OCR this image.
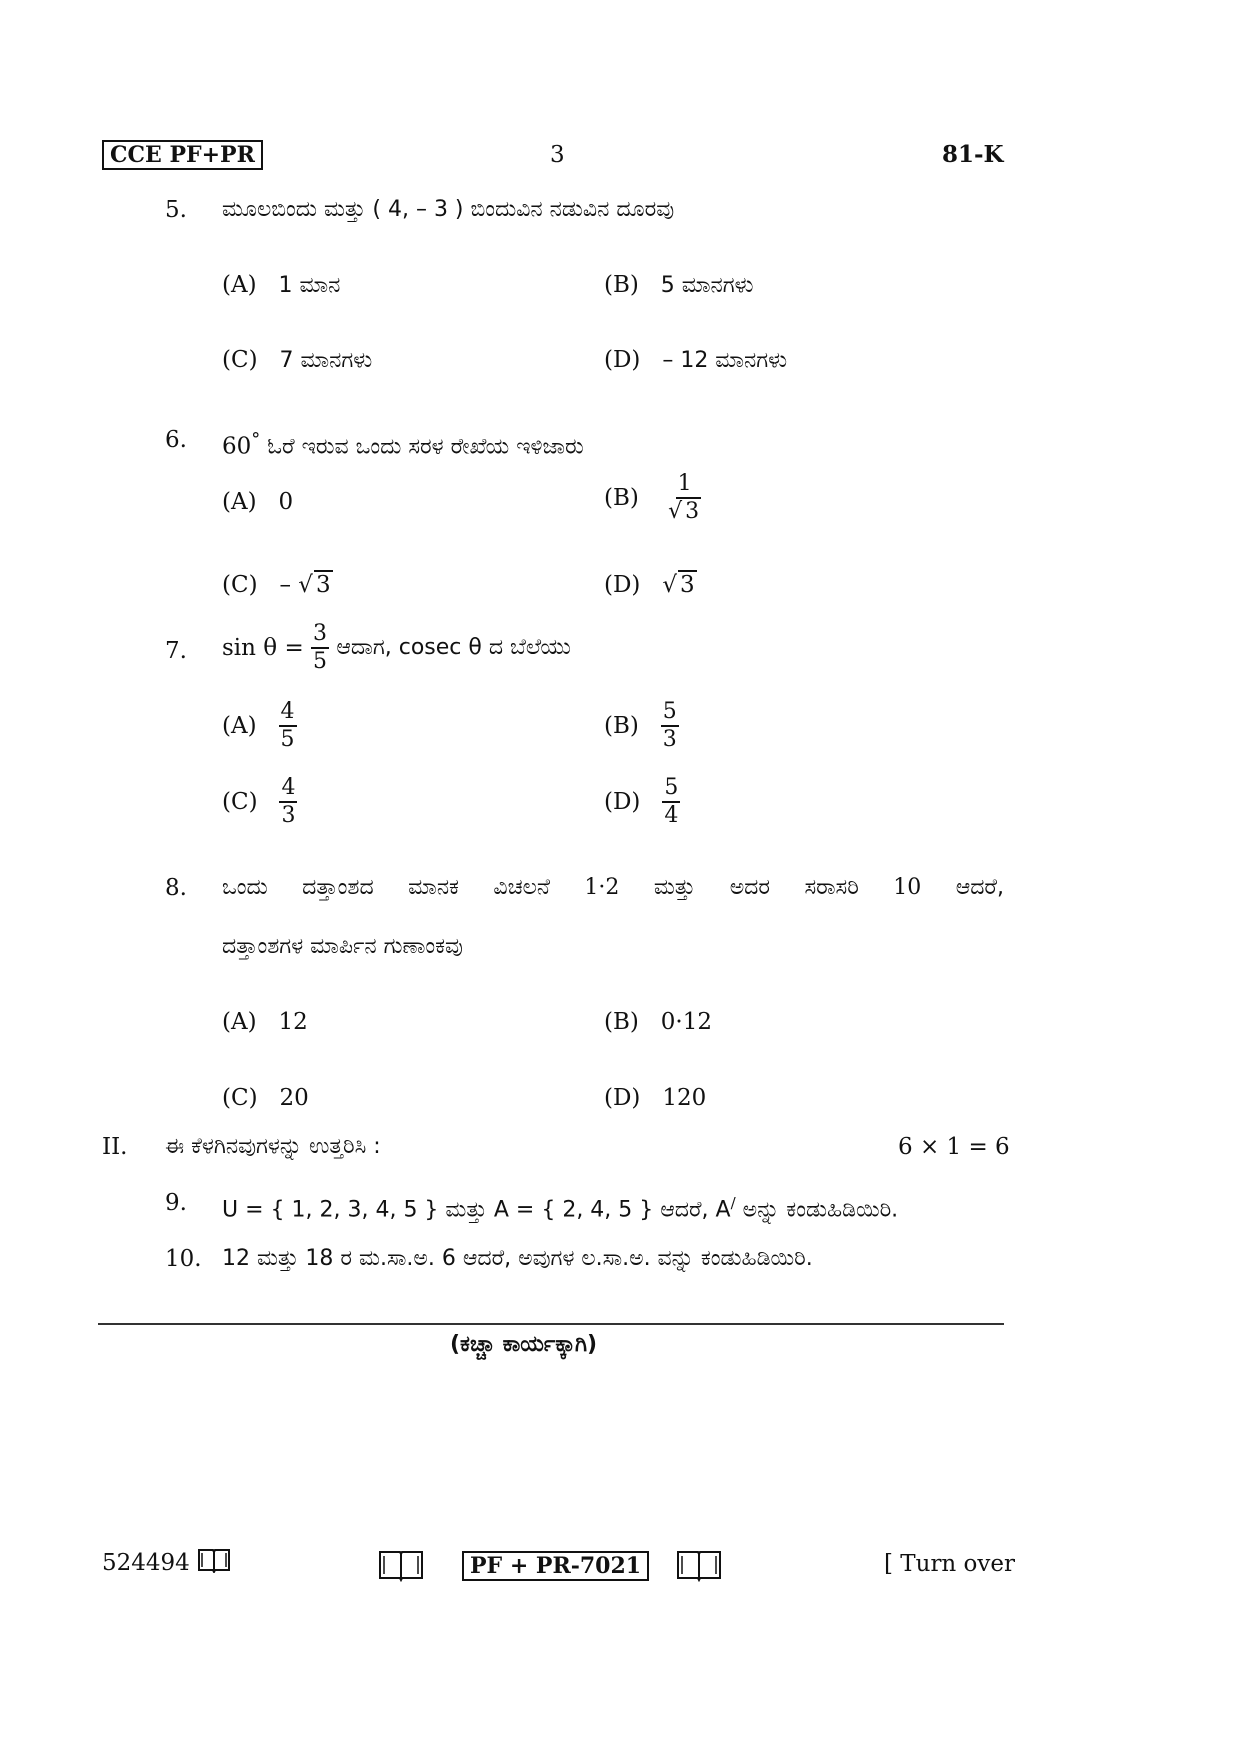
CCE PF+PR	3	81-K
5. ಮೂಲಬಿಂದು ಮತ್ತು ( 4, – 3 ) ಬಿಂದುವಿನ ನಡುವಿನ ದೂರವು
(A) 1 ಮಾನ	(B) 5 ಮಾನಗಳು
(C) 7 ಮಾನಗಳು	(D) – 12 ಮಾನಗಳು
6. 60° ಓರೆ ಇರುವ ಒಂದು ಸರಳ ರೇಖೆಯ ಇಳಿಜಾರು
(A) 0	$(B) \frac{1}{√ 3}$
(C) – √ 3	(D)   √ 3
7. $\sin \theta = \frac{3}{5}$ ಆದಾಗ, cosec θ ದ ಬೆಲೆಯು
$(A) \frac{4}{5}$	$(B) \frac{5}{3}$
$(C) \frac{4}{3}$	$(D) \frac{5}{4}$
8. ಒಂದು ದತ್ತಾಂಶದ ಮಾನಕ ವಿಚಲನೆ 1·2 ಮತ್ತು ಅದರ ಸರಾಸರಿ 10 ಆದರೆ,
ದತ್ತಾಂಶಗಳ ಮಾರ್ಪಿನ ಗುಣಾಂಕವು
(A) 12	(B) 0·12
(C) 20	(D) 120
II. ಈ ಕೆಳಗಿನವುಗಳನ್ನು ಉತ್ತರಿಸಿ :	6 × 1 = 6
9. U = { 1, 2, 3, 4, 5 } ಮತ್ತು A = { 2, 4, 5 } ಆದರೆ, A/ ಅನ್ನು ಕಂಡುಹಿಡಿಯಿರಿ.
10. 12 ಮತ್ತು 18 ರ ಮ.ಸಾ.ಅ. 6 ಆದರೆ, ಅವುಗಳ ಲ.ಸಾ.ಅ. ವನ್ನು ಕಂಡುಹಿಡಿಯಿರಿ.
(ಕಚ್ಚಾ ಕಾರ್ಯಕ್ಕಾಗಿ)
524494	PF + PR-7021	[ Turn over
